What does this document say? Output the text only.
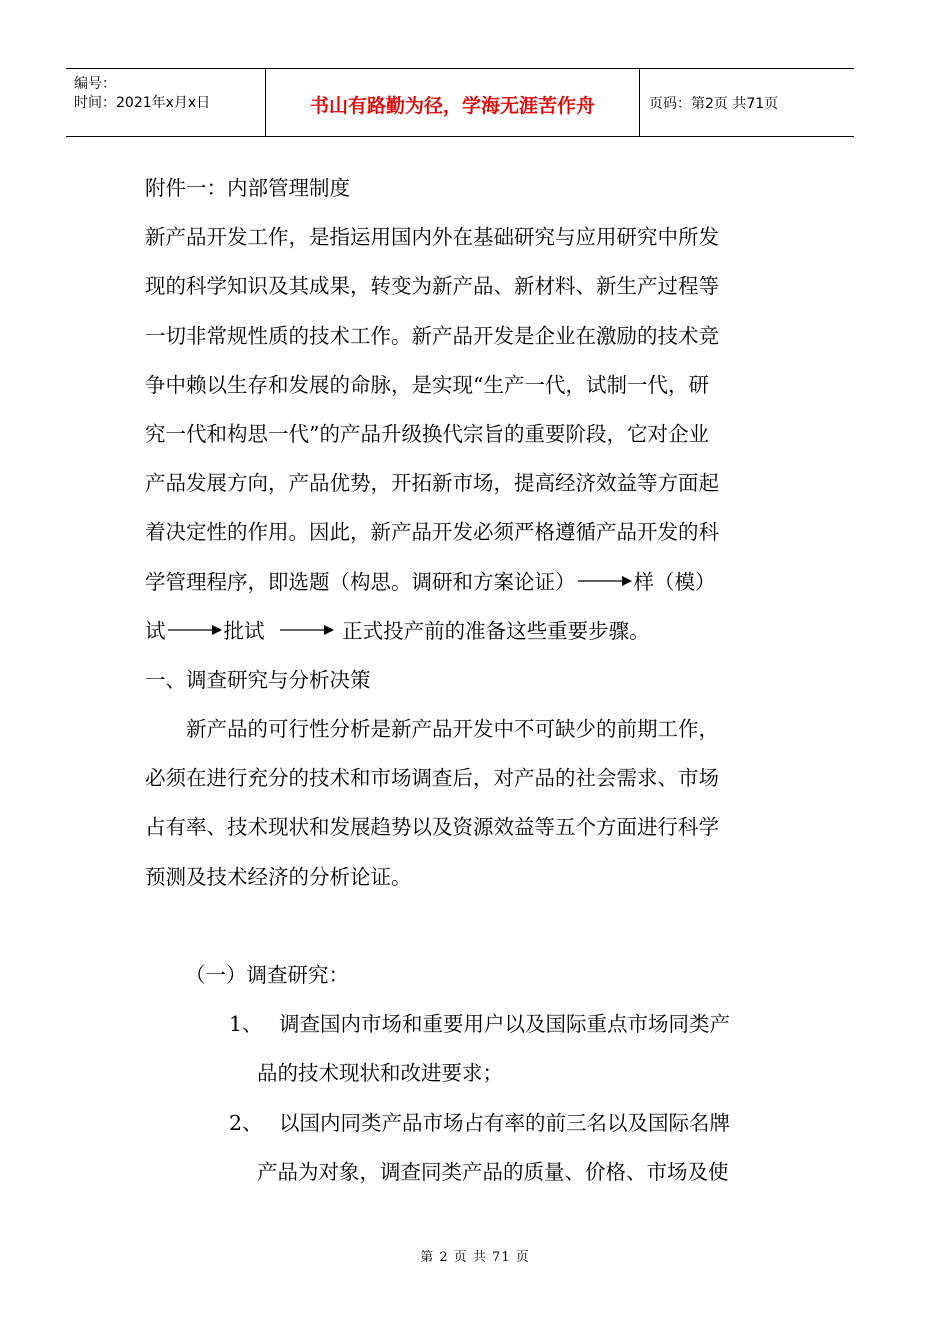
编号：
时间：2021年x月x日	书山有路勤为径，学海无涯苦作舟	页码：第2页 共71页
附件一：内部管理制度
新产品开发工作，是指运用国内外在基础研究与应用研究中所发
现的科学知识及其成果，转变为新产品、新材料、新生产过程等
一切非常规性质的技术工作。新产品开发是企业在激励的技术竞
争中赖以生存和发展的命脉，是实现“生产一代，试制一代，研
究一代和构思一代”的产品升级换代宗旨的重要阶段，它对企业
产品发展方向，产品优势，开拓新市场，提高经济效益等方面起
着决定性的作用。因此，新产品开发必须严格遵循产品开发的科
学管理程序，即选题（构思。调研和方案论证）	样（模）
试	批试	正式投产前的准备这些重要步骤。
一、调查研究与分析决策
新产品的可行性分析是新产品开发中不可缺少的前期工作，
必须在进行充分的技术和市场调查后，对产品的社会需求、市场
占有率、技术现状和发展趋势以及资源效益等五个方面进行科学
预测及技术经济的分析论证。
（一）调查研究：
1、 调查国内市场和重要用户以及国际重点市场同类产
品的技术现状和改进要求；
2、 以国内同类产品市场占有率的前三名以及国际名牌
产品为对象，调查同类产品的质量、价格、市场及使
第 2 页 共 71 页
